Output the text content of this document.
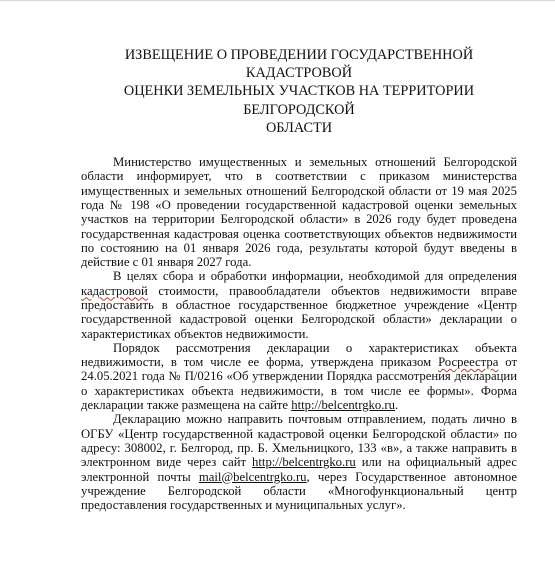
ИЗВЕЩЕНИЕ О ПРОВЕДЕНИИ ГОСУДАРСТВЕННОЙ КАДАСТРОВОЙ
ОЦЕНКИ ЗЕМЕЛЬНЫХ УЧАСТКОВ НА ТЕРРИТОРИИ БЕЛГОРОДСКОЙ
ОБЛАСТИ

Министерство имущественных и земельных отношений Белгородской области информирует, что в соответствии с приказом министерства имущественных и земельных отношений Белгородской области от 19 мая 2025 года № 198 «О проведении государственной кадастровой оценки земельных участков на территории Белгородской области» в 2026 году будет проведена государственная кадастровая оценка соответствующих объектов недвижимости по состоянию на 01 января 2026 года, результаты которой будут введены в действие с 01 января 2027 года.

В целях сбора и обработки информации, необходимой для определения кадастровой стоимости, правообладатели объектов недвижимости вправе предоставить в областное государственное бюджетное учреждение «Центр государственной кадастровой оценки Белгородской области» декларации о характеристиках объектов недвижимости.

Порядок рассмотрения декларации о характеристиках объекта недвижимости, в том числе ее форма, утверждена приказом Росреестра от 24.05.2021 года № П/0216 «Об утверждении Порядка рассмотрения декларации о характеристиках объекта недвижимости, в том числе ее формы». Форма декларации также размещена на сайте http://belcentrgko.ru.

Декларацию можно направить почтовым отправлением, подать лично в ОГБУ «Центр государственной кадастровой оценки Белгородской области» по адресу: 308002, г. Белгород, пр. Б. Хмельницкого, 133 «в», а также направить в электронном виде через сайт http://belcentrgko.ru или на официальный адрес электронной почты mail@belcentrgko.ru, через Государственное автономное учреждение Белгородской области «Многофункциональный центр предоставления государственных и муниципальных услуг».
